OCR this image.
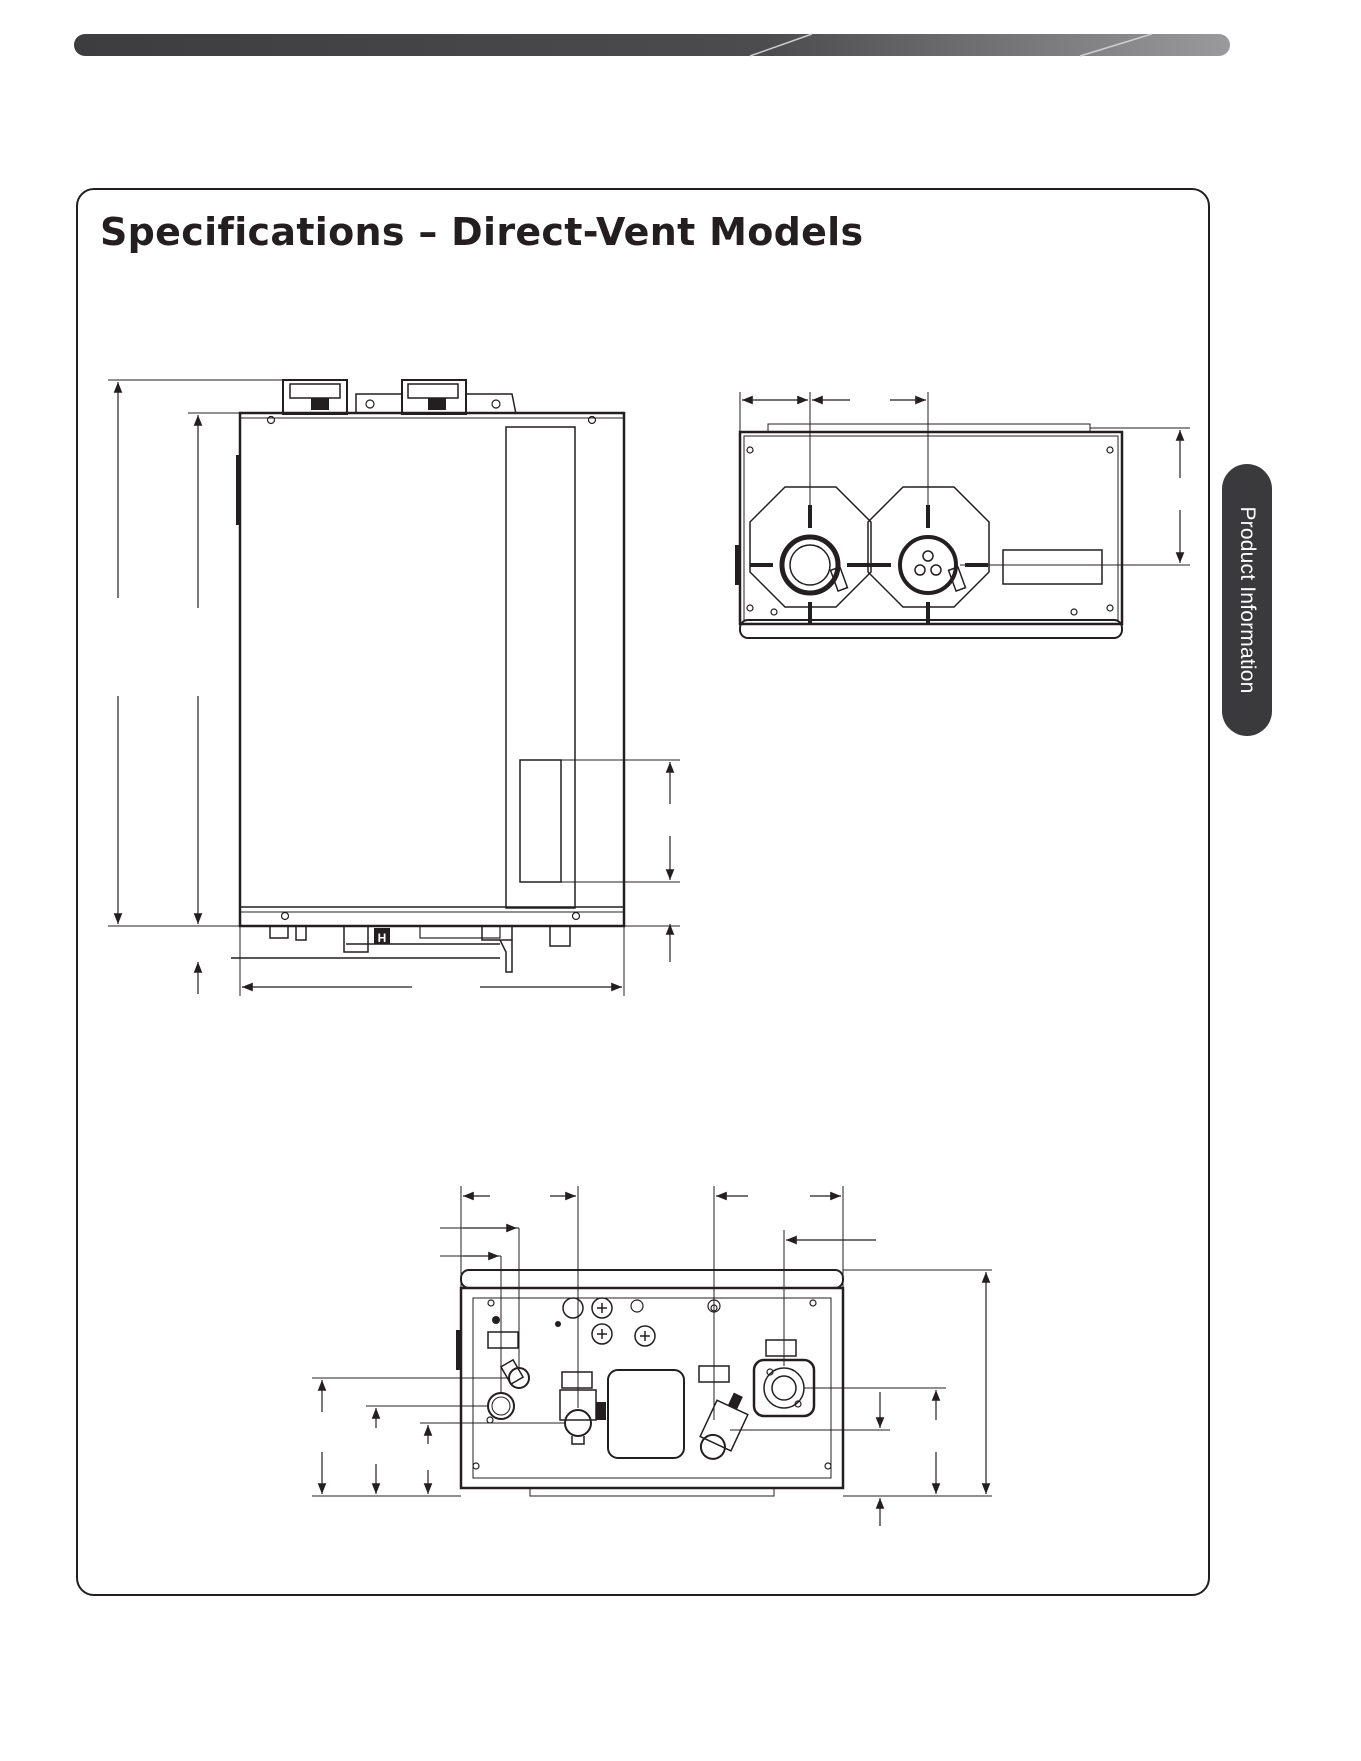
Specifications – Direct-Vent Models
Product Information
H
